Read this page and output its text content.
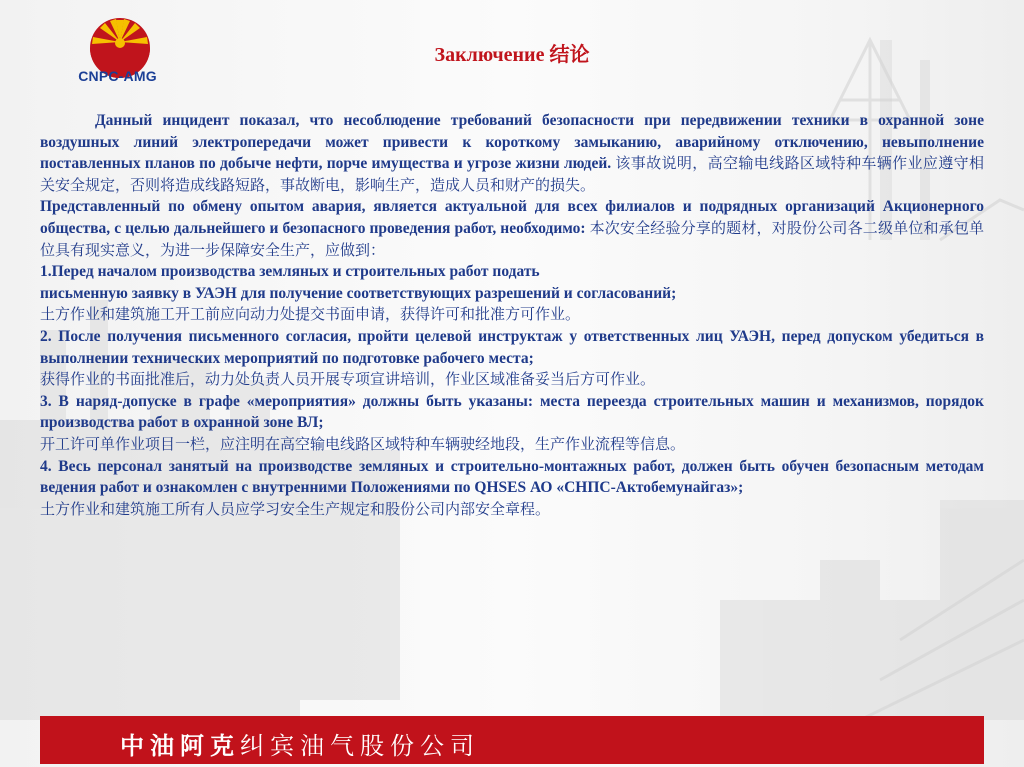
CNPC-AMG
Заключение 结论

Данный инцидент показал, что несоблюдение требований безопасности при передвижении техники в охранной зоне воздушных линий электропередачи может привести к короткому замыканию, аварийному отключению, невыполнение поставленных планов по добыче нефти, порче имущества и угрозе жизни людей. 该事故说明，高空输电线路区域特种车辆作业应遵守相关安全规定，否则将造成线路短路，事故断电，影响生产，造成人员和财产的损失。

Представленный по обмену опытом авария, является актуальной для всех филиалов и подрядных организаций Акционерного общества, с целью дальнейшего и безопасного проведения работ, необходимо: 本次安全经验分享的题材，对股份公司各二级单位和承包单位具有现实意义，为进一步保障安全生产，应做到：

1.Перед началом производства земляных и строительных работ подать

письменную заявку в УАЭН для получение соответствующих разрешений и согласований;

土方作业和建筑施工开工前应向动力处提交书面申请，获得许可和批准方可作业。

2. После получения письменного согласия, пройти целевой инструктаж у ответственных лиц УАЭН, перед допуском убедиться в выполнении технических мероприятий по подготовке рабочего места;

获得作业的书面批准后，动力处负责人员开展专项宣讲培训，作业区域准备妥当后方可作业。

3. В наряд-допуске в графе «мероприятия» должны быть указаны: места переезда строительных машин и механизмов, порядок производства работ в охранной зоне ВЛ;

开工许可单作业项目一栏，应注明在高空输电线路区域特种车辆驶经地段，生产作业流程等信息。

4. Весь персонал занятый на производстве земляных и строительно-монтажных работ, должен быть обучен безопасным методам ведения работ и ознакомлен с внутренними Положениями по QHSES АО «СНПС-Актобемунайгаз»;

土方作业和建筑施工所有人员应学习安全生产规定和股份公司内部安全章程。

中油阿克纠宾油气股份公司
